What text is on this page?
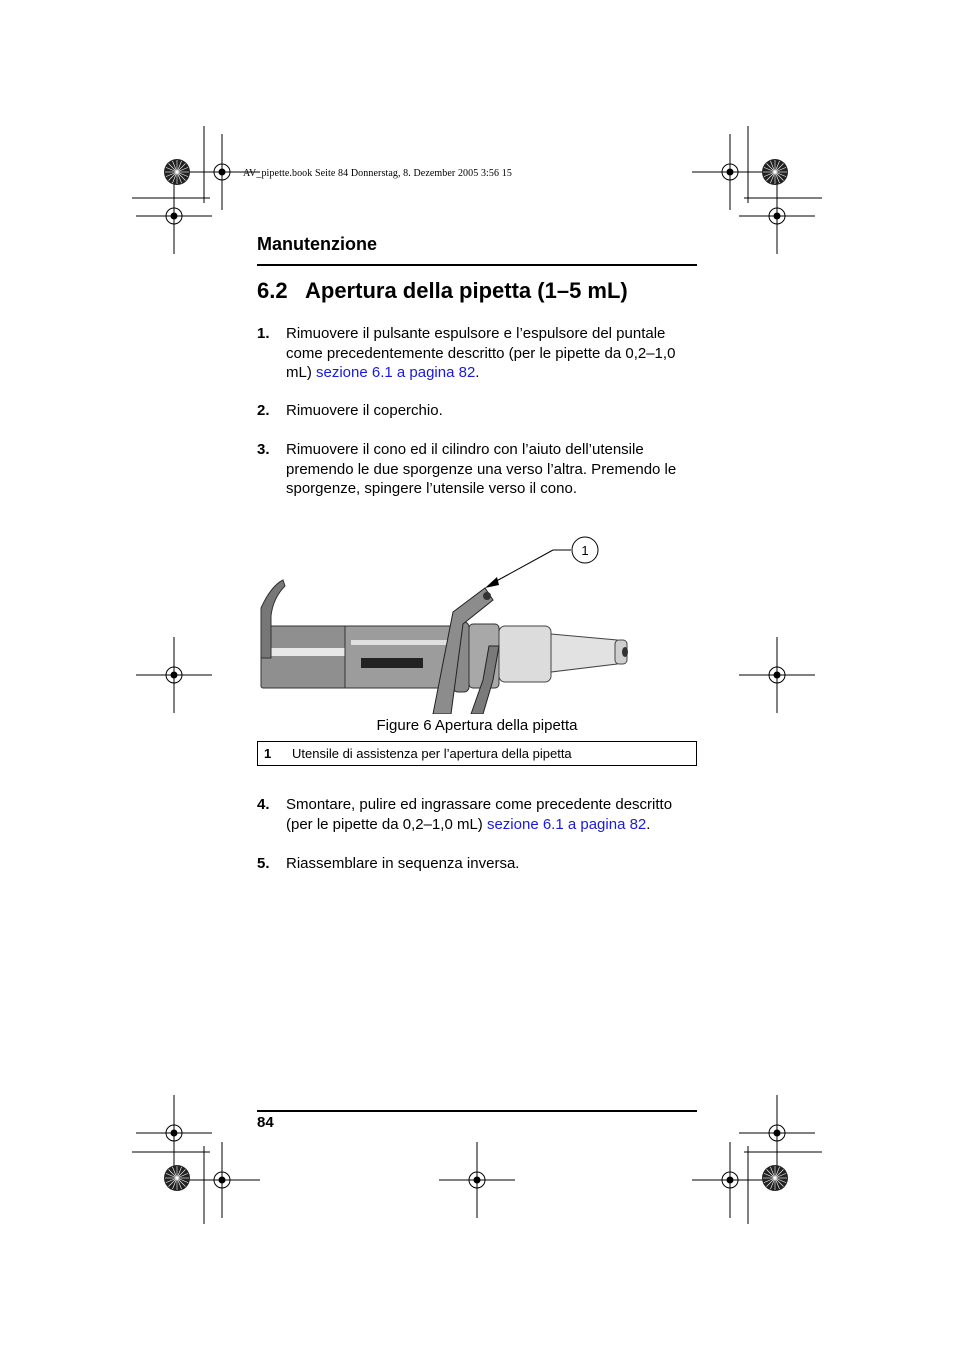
AV_pipette.book Seite 84 Donnerstag, 8. Dezember 2005 3:56 15
Manutenzione
6.2 Apertura della pipetta (1–5 mL)
1. Rimuovere il pulsante espulsore e l’espulsore del puntale come precedentemente descritto (per le pipette da 0,2–1,0 mL) sezione 6.1 a pagina 82.
2. Rimuovere il coperchio.
3. Rimuovere il cono ed il cilindro con l’aiuto dell’utensile premendo le due sporgenze una verso l’altra. Premendo le sporgenze, spingere l’utensile verso il cono.
1
Figure 6 Apertura della pipetta
1 Utensile di assistenza per l’apertura della pipetta
4. Smontare, pulire ed ingrassare come precedente descritto (per le pipette da 0,2–1,0 mL) sezione 6.1 a pagina 82.
5. Riassemblare in sequenza inversa.
84
